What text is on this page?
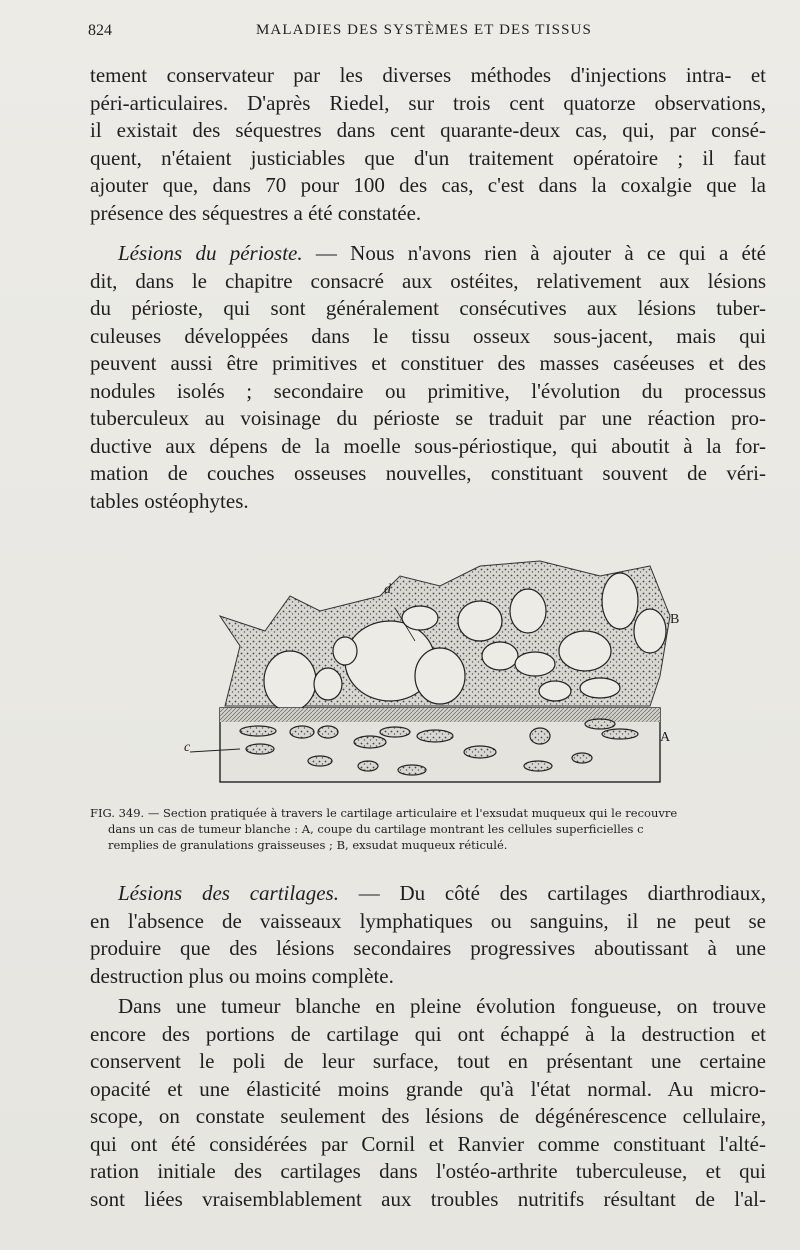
824	MALADIES DES SYSTÈMES ET DES TISSUS
tement conservateur par les diverses méthodes d'injections intra- et
péri-articulaires. D'après Riedel, sur trois cent quatorze observations,
il existait des séquestres dans cent quarante-deux cas, qui, par consé-
quent, n'étaient justiciables que d'un traitement opératoire ; il faut
ajouter que, dans 70 pour 100 des cas, c'est dans la coxalgie que la
présence des séquestres a été constatée.
Lésions du périoste. — Nous n'avons rien à ajouter à ce qui a été
dit, dans le chapitre consacré aux ostéites, relativement aux lésions
du périoste, qui sont généralement consécutives aux lésions tuber-
culeuses développées dans le tissu osseux sous-jacent, mais qui
peuvent aussi être primitives et constituer des masses caséeuses et des
nodules isolés ; secondaire ou primitive, l'évolution du processus
tuberculeux au voisinage du périoste se traduit par une réaction pro-
ductive aux dépens de la moelle sous-périostique, qui aboutit à la for-
mation de couches osseuses nouvelles, constituant souvent de véri-
tables ostéophytes.
d
B
A
c
FIG. 349. — Section pratiquée à travers le cartilage articulaire et l'exsudat muqueux qui le recouvre
dans un cas de tumeur blanche : A, coupe du cartilage montrant les cellules superficielles c
remplies de granulations graisseuses ; B, exsudat muqueux réticulé.
Lésions des cartilages. — Du côté des cartilages diarthrodiaux,
en l'absence de vaisseaux lymphatiques ou sanguins, il ne peut se
produire que des lésions secondaires progressives aboutissant à une
destruction plus ou moins complète.
Dans une tumeur blanche en pleine évolution fongueuse, on trouve
encore des portions de cartilage qui ont échappé à la destruction et
conservent le poli de leur surface, tout en présentant une certaine
opacité et une élasticité moins grande qu'à l'état normal. Au micro-
scope, on constate seulement des lésions de dégénérescence cellulaire,
qui ont été considérées par Cornil et Ranvier comme constituant l'alté-
ration initiale des cartilages dans l'ostéo-arthrite tuberculeuse, et qui
sont liées vraisemblablement aux troubles nutritifs résultant de l'al-
